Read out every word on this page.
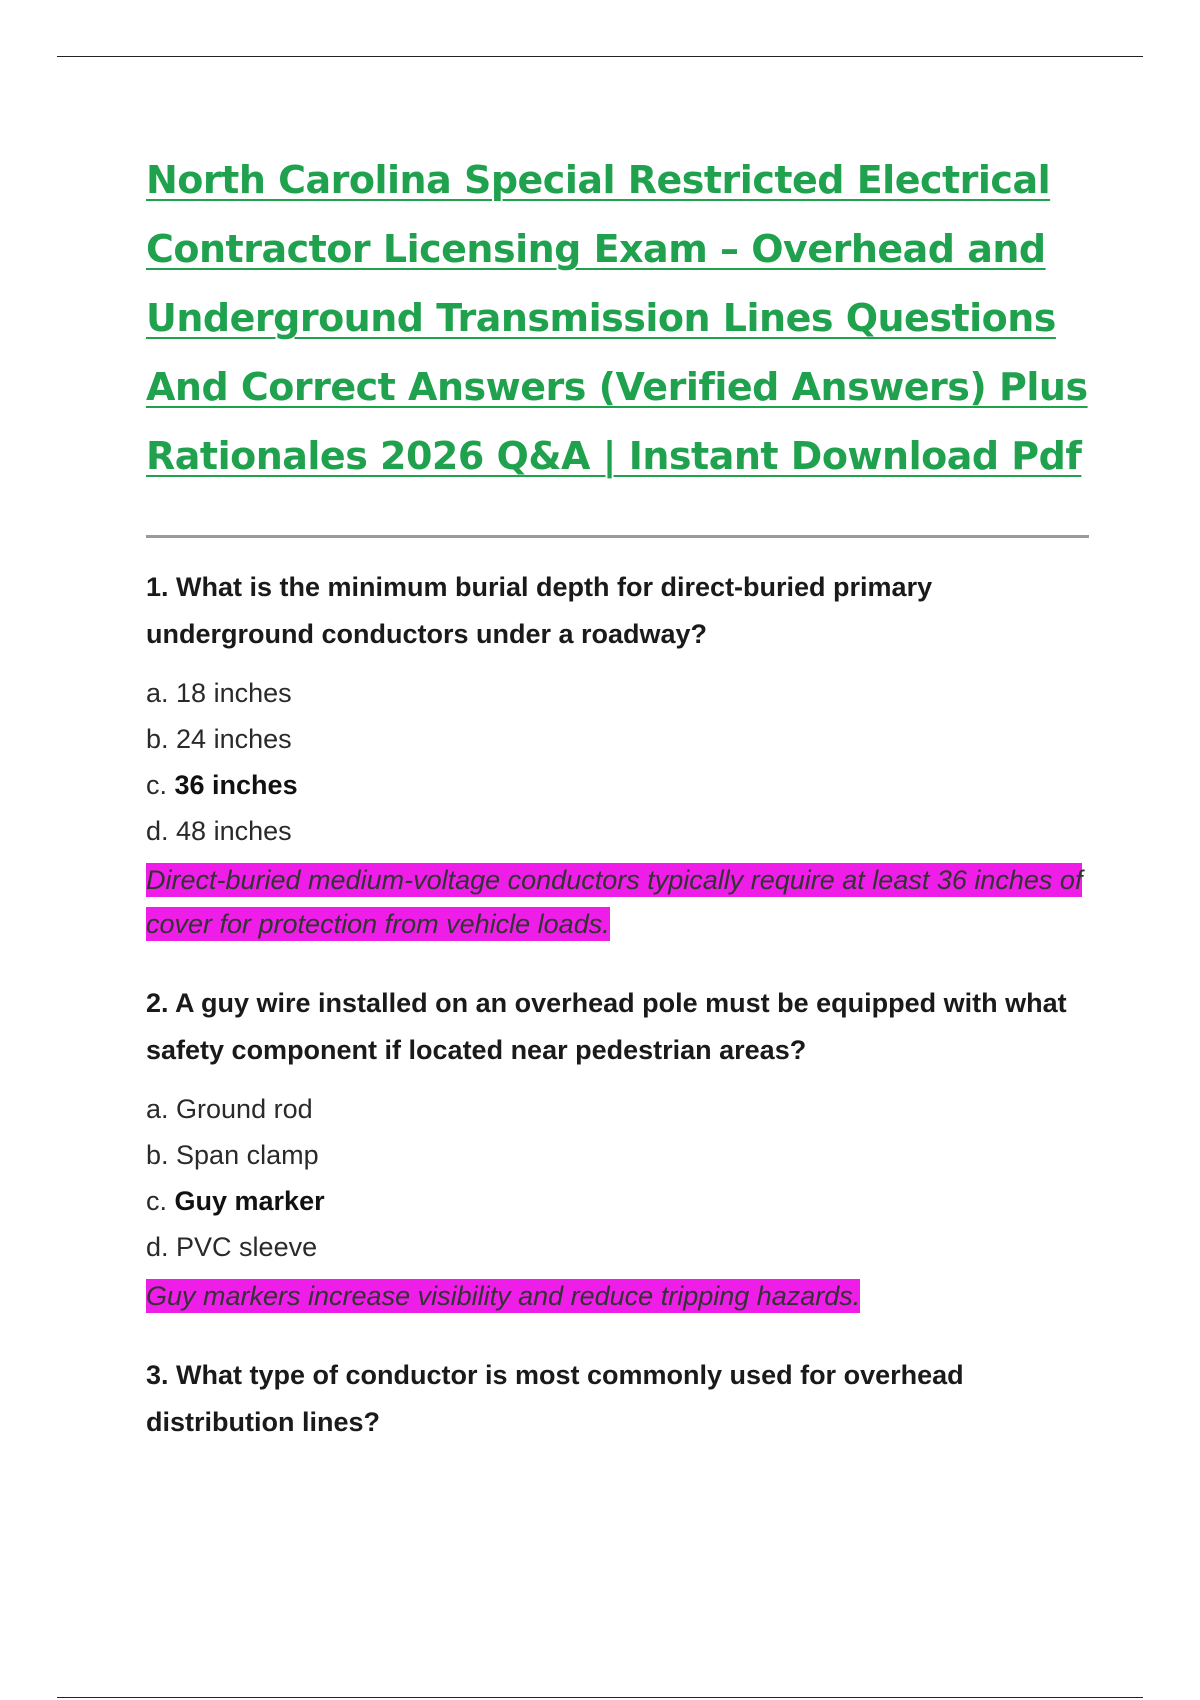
North Carolina Special Restricted Electrical
Contractor Licensing Exam – Overhead and
Underground Transmission Lines Questions
And Correct Answers (Verified Answers) Plus
Rationales 2026 Q&A | Instant Download Pdf
1. What is the minimum burial depth for direct-buried primary underground conductors under a roadway?
a. 18 inches
b. 24 inches
c. 36 inches
d. 48 inches
Direct-buried medium-voltage conductors typically require at least 36 inches of cover for protection from vehicle loads.
2. A guy wire installed on an overhead pole must be equipped with what safety component if located near pedestrian areas?
a. Ground rod
b. Span clamp
c. Guy marker
d. PVC sleeve
Guy markers increase visibility and reduce tripping hazards.
3. What type of conductor is most commonly used for overhead distribution lines?
